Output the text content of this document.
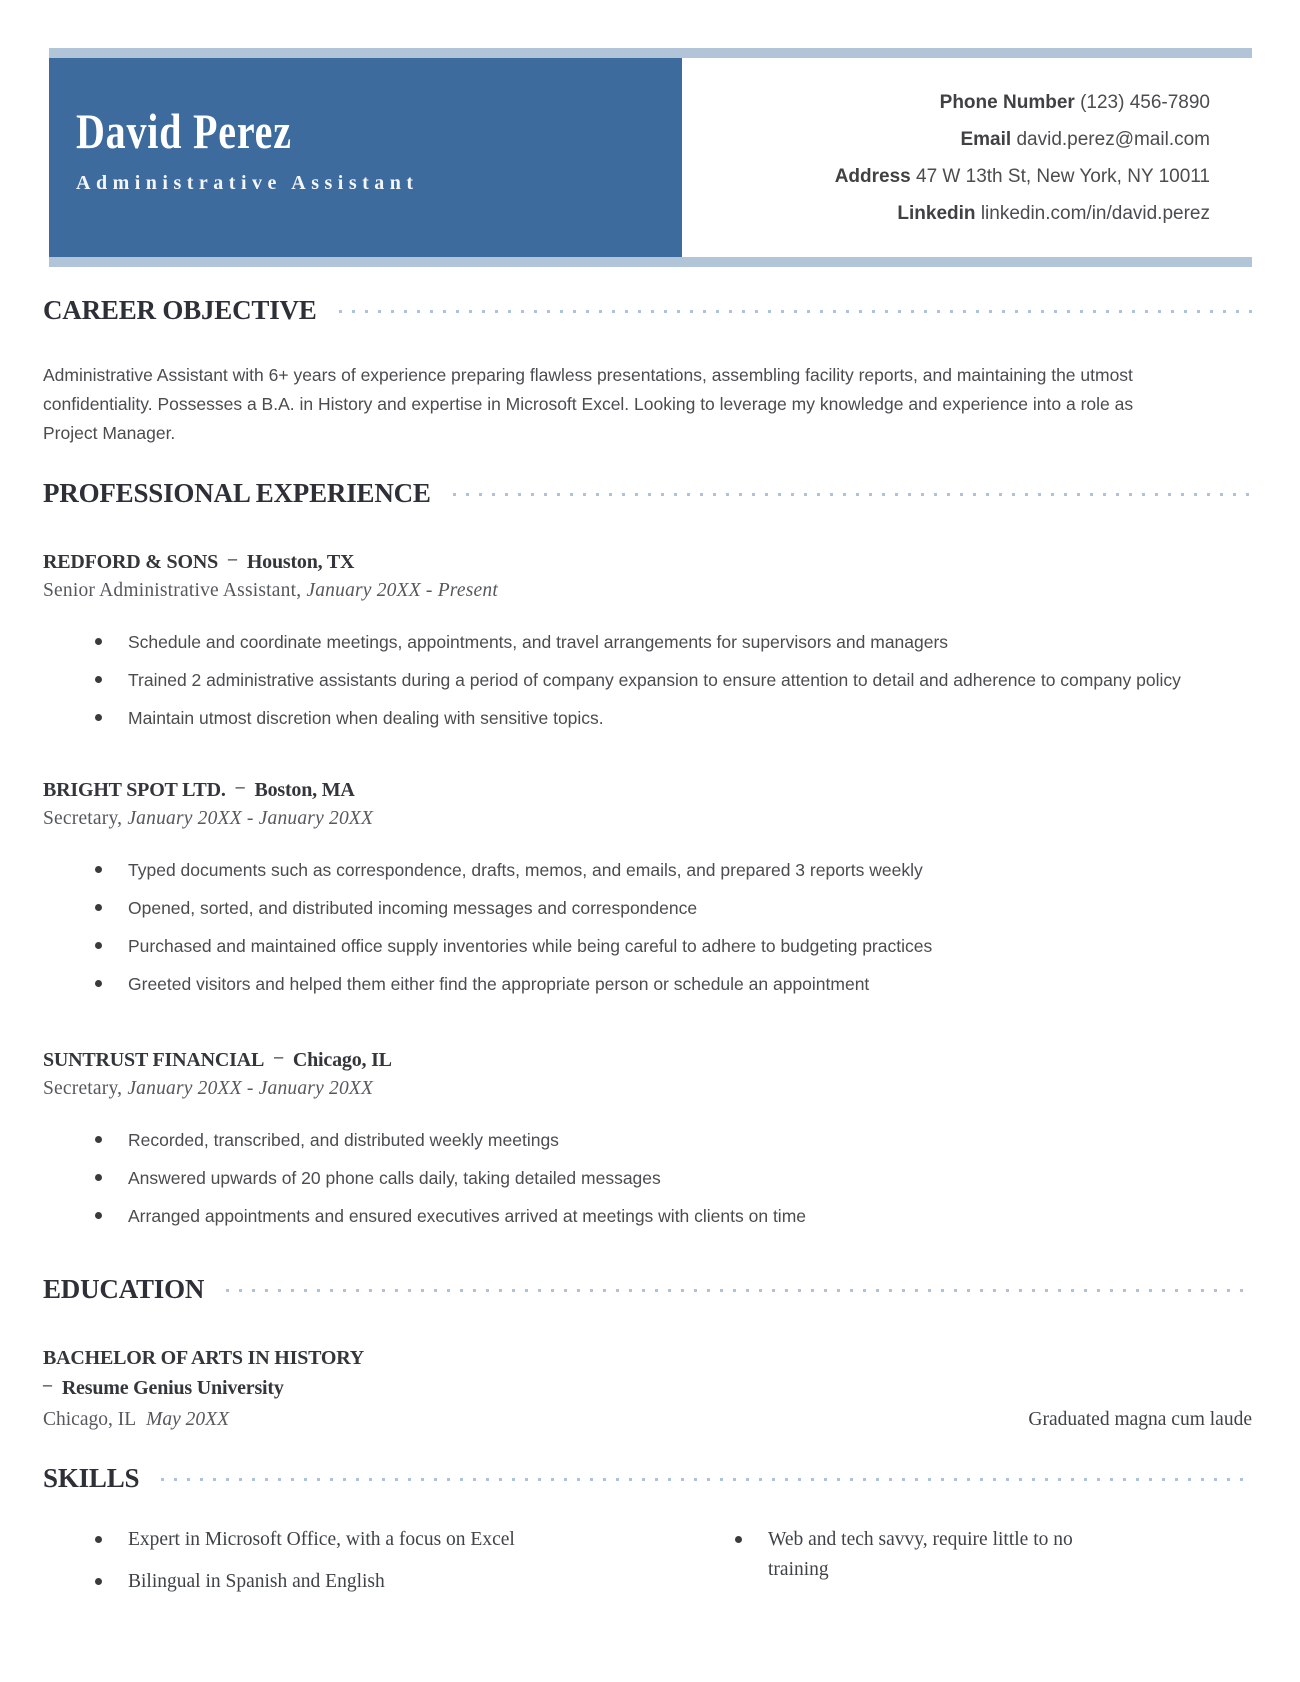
David Perez
Administrative Assistant
Phone Number (123) 456-7890
Email david.perez@mail.com
Address 47 W 13th St, New York, NY 10011
Linkedin linkedin.com/in/david.perez
CAREER OBJECTIVE

Administrative Assistant with 6+ years of experience preparing flawless presentations, assembling facility reports, and maintaining the utmost confidentiality. Possesses a B.A. in History and expertise in Microsoft Excel. Looking to leverage my knowledge and experience into a role as Project Manager.

PROFESSIONAL EXPERIENCE
REDFORD & SONS – Houston, TX
Senior Administrative Assistant, January 20XX - Present
Schedule and coordinate meetings, appointments, and travel arrangements for supervisors and managers
Trained 2 administrative assistants during a period of company expansion to ensure attention to detail and adherence to company policy
Maintain utmost discretion when dealing with sensitive topics.
BRIGHT SPOT LTD. – Boston, MA
Secretary, January 20XX - January 20XX
Typed documents such as correspondence, drafts, memos, and emails, and prepared 3 reports weekly
Opened, sorted, and distributed incoming messages and correspondence
Purchased and maintained office supply inventories while being careful to adhere to budgeting practices
Greeted visitors and helped them either find the appropriate person or schedule an appointment
SUNTRUST FINANCIAL – Chicago, IL
Secretary, January 20XX - January 20XX
Recorded, transcribed, and distributed weekly meetings
Answered upwards of 20 phone calls daily, taking detailed messages
Arranged appointments and ensured executives arrived at meetings with clients on time
EDUCATION
BACHELOR OF ARTS IN HISTORY
– Resume Genius University
Chicago, IL May 20XX	Graduated magna cum laude
SKILLS
Expert in Microsoft Office, with a focus on Excel
Bilingual in Spanish and English
Web and tech savvy, require little to no training
